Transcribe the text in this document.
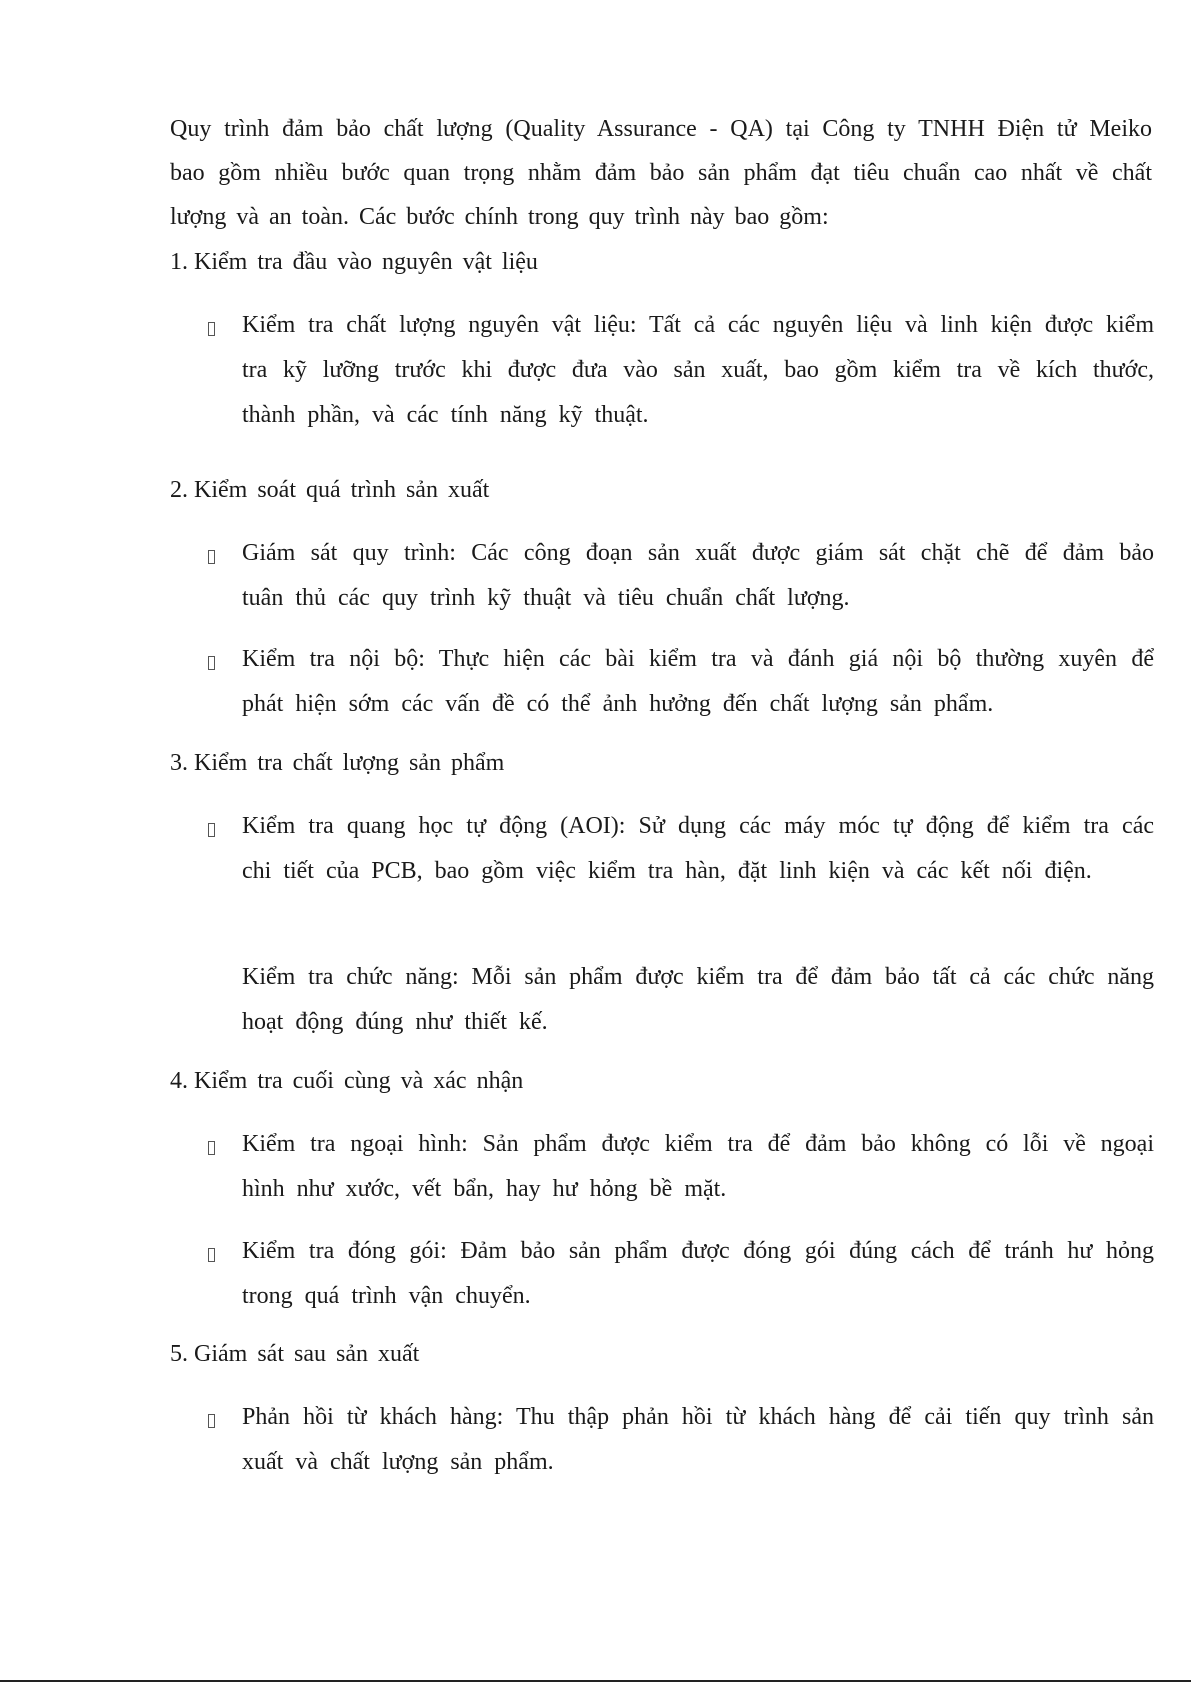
Quy trình đảm bảo chất lượng (Quality Assurance - QA) tại Công ty TNHH Điện tử Meiko bao gồm nhiều bước quan trọng nhằm đảm bảo sản phẩm đạt tiêu chuẩn cao nhất về chất lượng và an toàn. Các bước chính trong quy trình này bao gồm:

1. Kiểm tra đầu vào nguyên vật liệu

Kiểm tra chất lượng nguyên vật liệu: Tất cả các nguyên liệu và linh kiện được kiểm tra kỹ lưỡng trước khi được đưa vào sản xuất, bao gồm kiểm tra về kích thước, thành phần, và các tính năng kỹ thuật.

2. Kiểm soát quá trình sản xuất

Giám sát quy trình: Các công đoạn sản xuất được giám sát chặt chẽ để đảm bảo tuân thủ các quy trình kỹ thuật và tiêu chuẩn chất lượng.

Kiểm tra nội bộ: Thực hiện các bài kiểm tra và đánh giá nội bộ thường xuyên để phát hiện sớm các vấn đề có thể ảnh hưởng đến chất lượng sản phẩm.

3. Kiểm tra chất lượng sản phẩm

Kiểm tra quang học tự động (AOI): Sử dụng các máy móc tự động để kiểm tra các chi tiết của PCB, bao gồm việc kiểm tra hàn, đặt linh kiện và các kết nối điện.

Kiểm tra chức năng: Mỗi sản phẩm được kiểm tra để đảm bảo tất cả các chức năng hoạt động đúng như thiết kế.

4. Kiểm tra cuối cùng và xác nhận

Kiểm tra ngoại hình: Sản phẩm được kiểm tra để đảm bảo không có lỗi về ngoại hình như xước, vết bẩn, hay hư hỏng bề mặt.

Kiểm tra đóng gói: Đảm bảo sản phẩm được đóng gói đúng cách để tránh hư hỏng trong quá trình vận chuyển.

5. Giám sát sau sản xuất

Phản hồi từ khách hàng: Thu thập phản hồi từ khách hàng để cải tiến quy trình sản xuất và chất lượng sản phẩm.
